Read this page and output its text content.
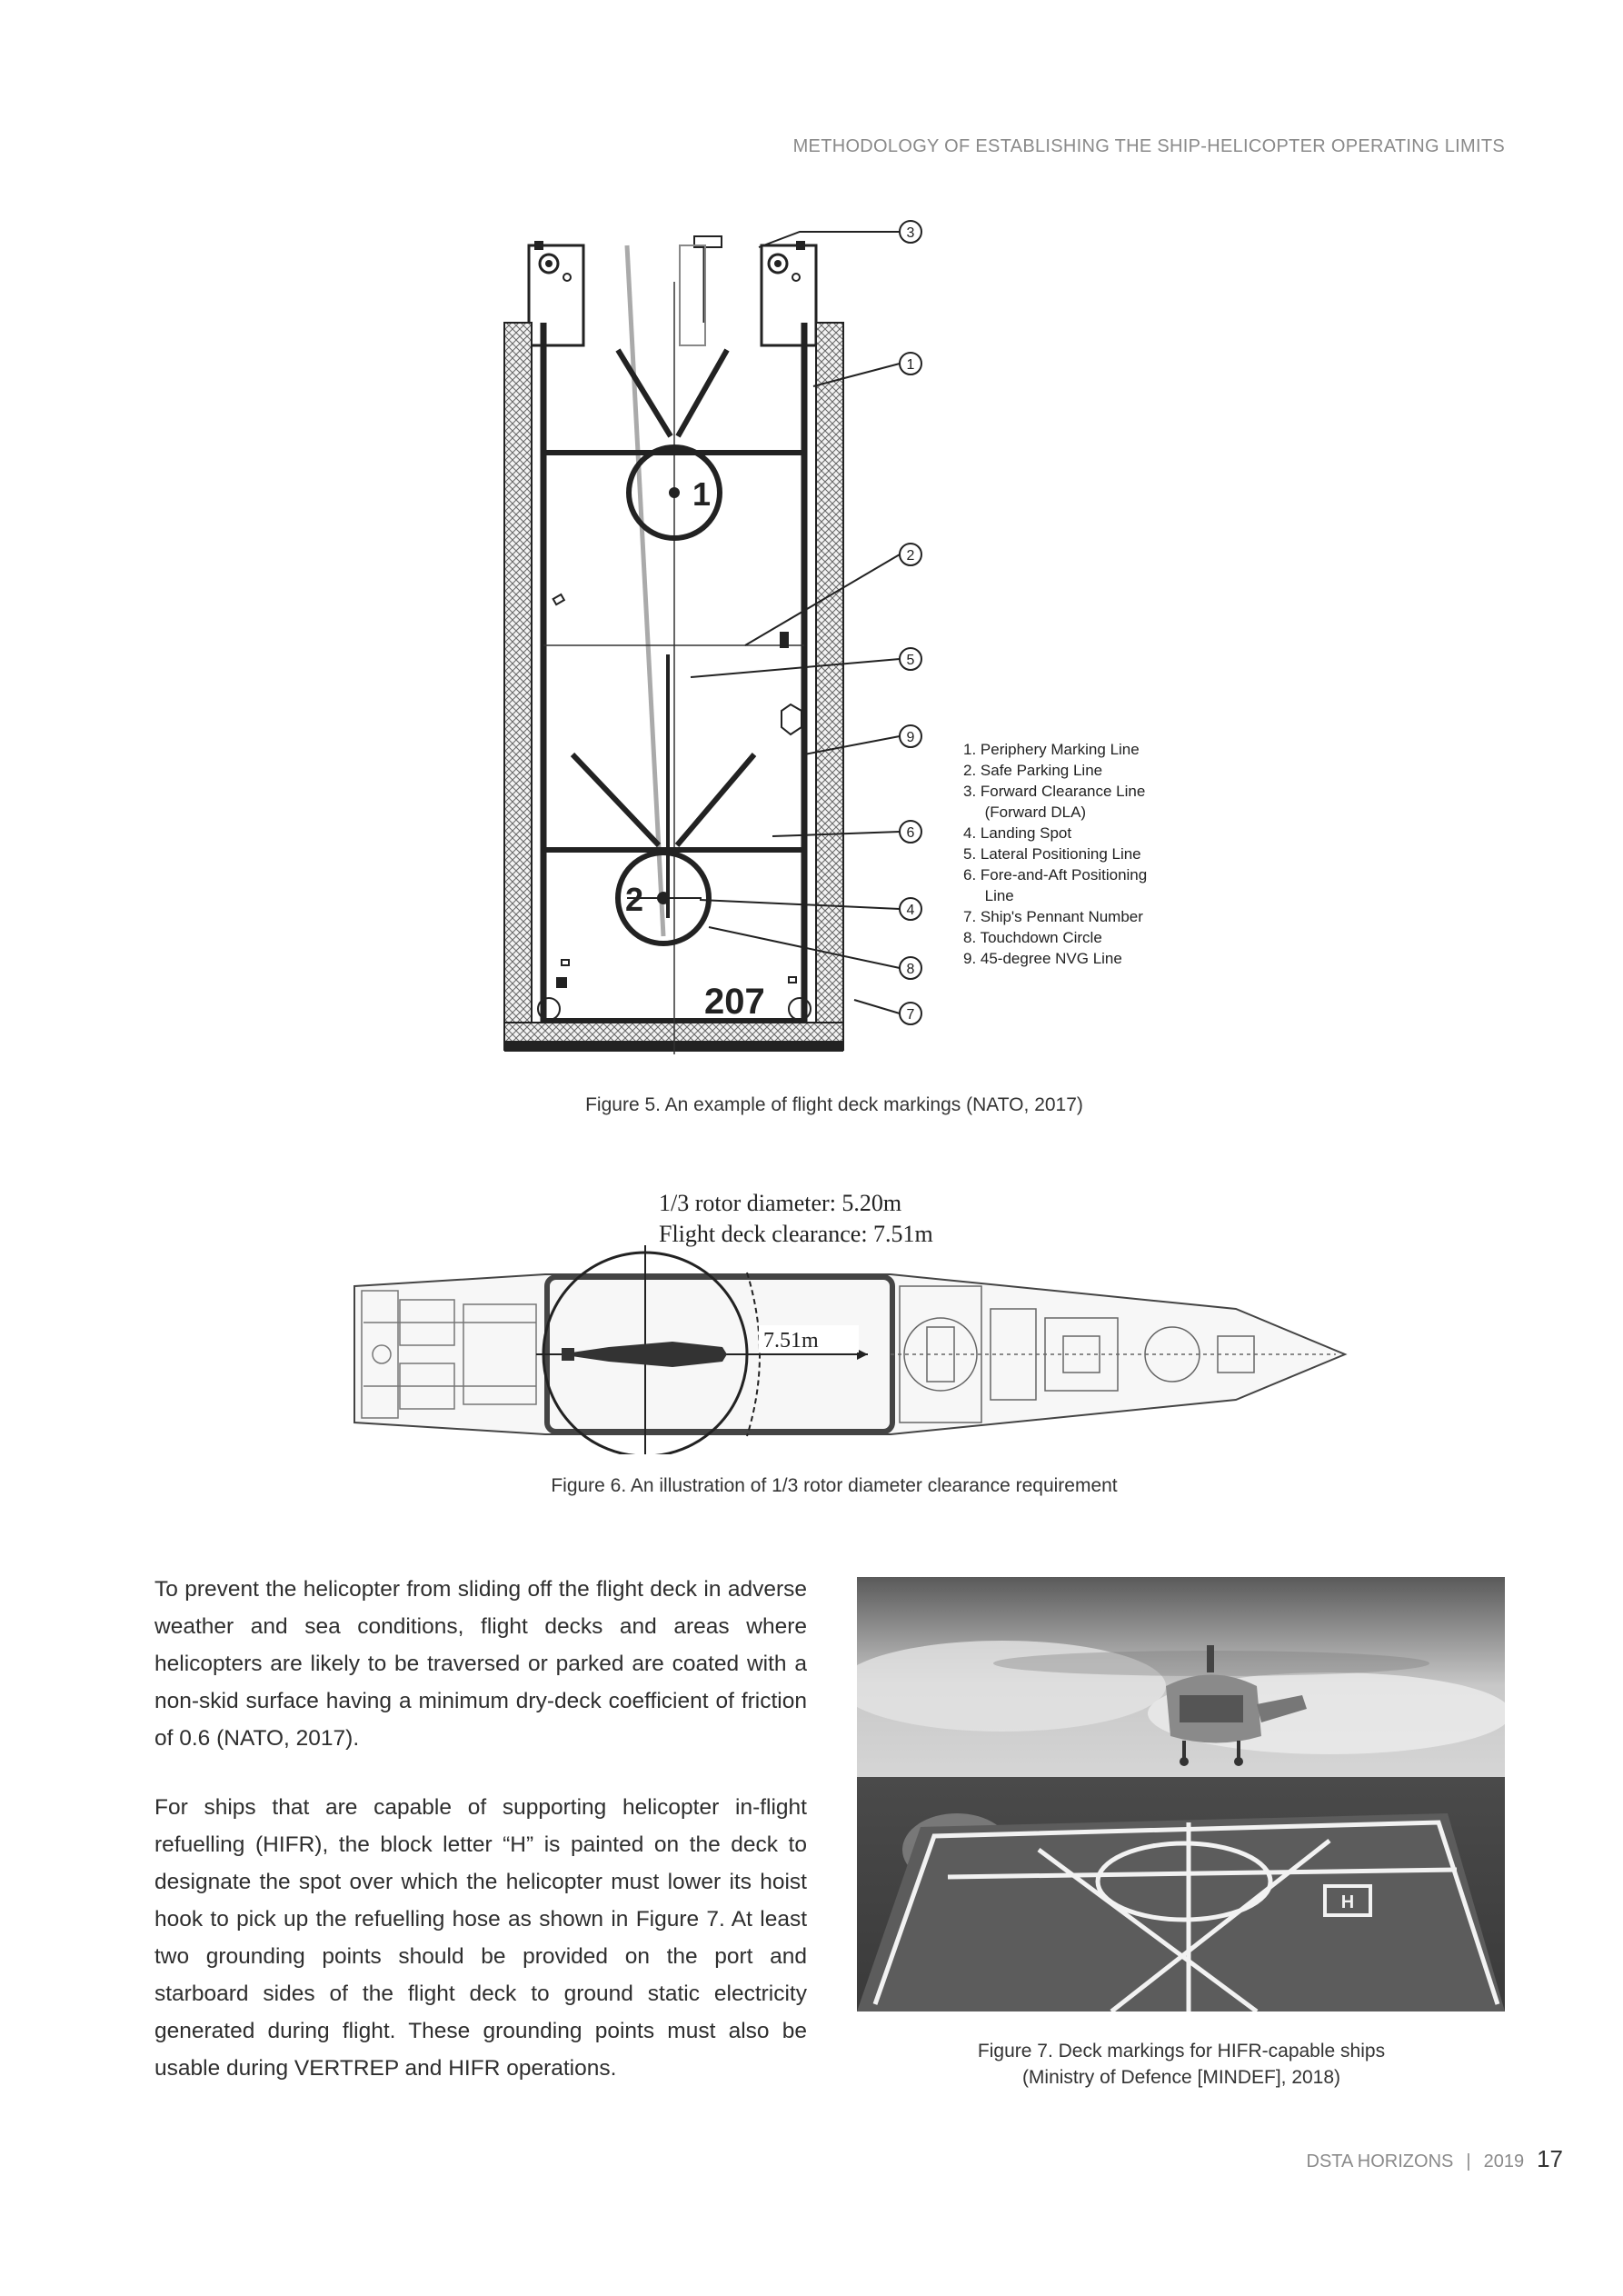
METHODOLOGY OF ESTABLISHING THE SHIP-HELICOPTER OPERATING LIMITS
1
2
207
3
1
2
5
9
6
4
8
7
1. Periphery Marking Line
2. Safe Parking Line
3. Forward Clearance Line
(Forward DLA)
4. Landing Spot
5. Lateral Positioning Line
6. Fore-and-Aft Positioning
Line
7. Ship's Pennant Number
8. Touchdown Circle
9. 45-degree NVG Line
Figure 5. An example of flight deck markings (NATO, 2017)
1/3 rotor diameter: 5.20m
Flight deck clearance: 7.51m
7.51m
Figure 6. An illustration of 1/3 rotor diameter clearance requirement
To prevent the helicopter from sliding off the flight deck in adverse weather and sea conditions, flight decks and areas where helicopters are likely to be traversed or parked are coated with a non-skid surface having a minimum dry-deck coefficient of friction of 0.6 (NATO, 2017).
For ships that are capable of supporting helicopter in-flight refuelling (HIFR), the block letter “H” is painted on the deck to designate the spot over which the helicopter must lower its hoist hook to pick up the refuelling hose as shown in Figure 7. At least two grounding points should be provided on the port and starboard sides of the flight deck to ground static electricity generated during flight. These grounding points must also be usable during VERTREP and HIFR operations.
H
Figure 7. Deck markings for HIFR-capable ships
(Ministry of Defence [MINDEF], 2018)
DSTA HORIZONS | 2019 17
